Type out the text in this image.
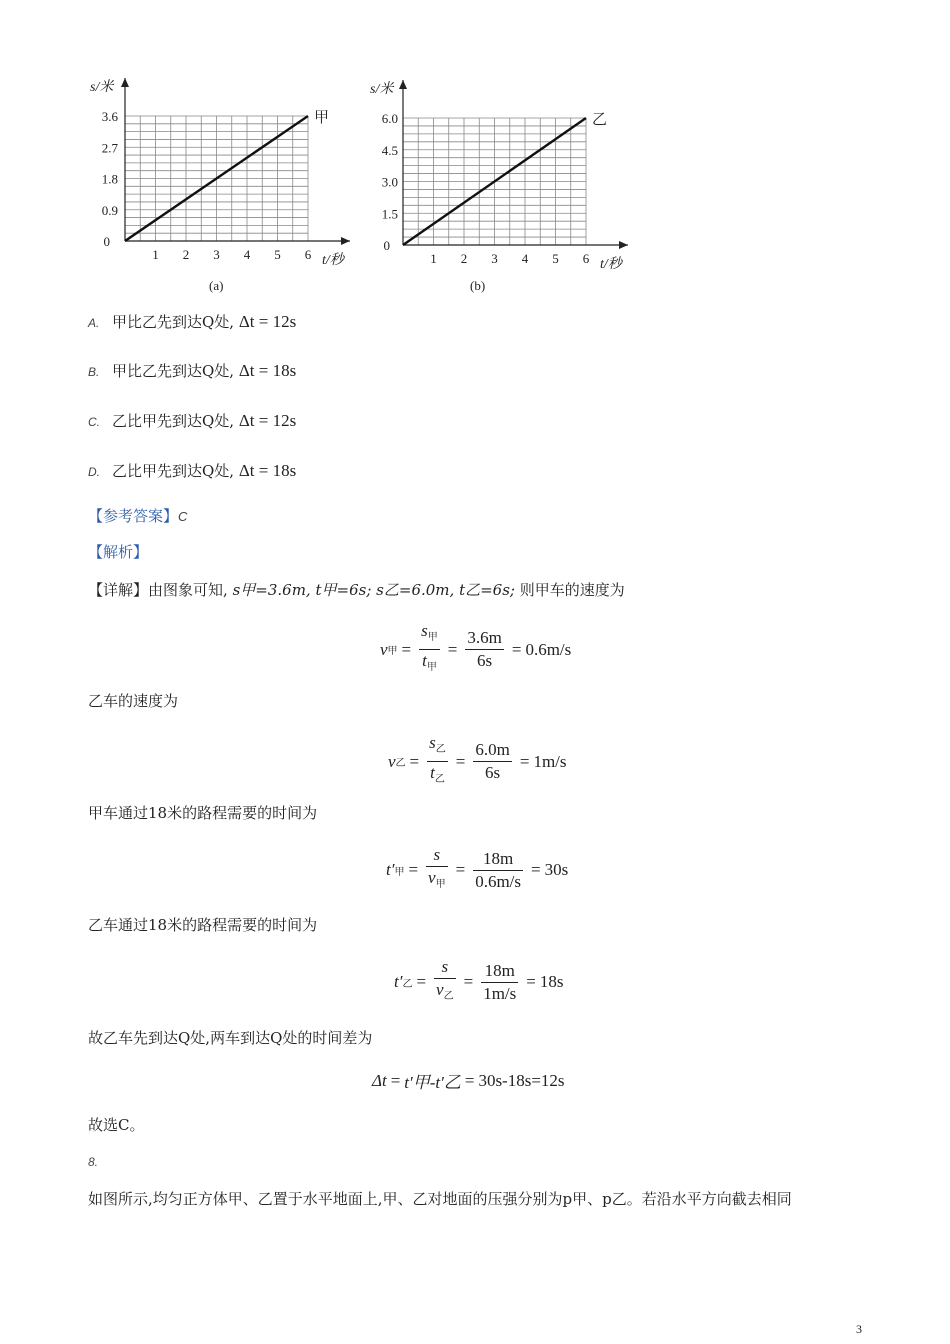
1 2 3 4 5 6
3.6
2.7
1.8
0.9
0
s/米
t/秒
甲
(a)
1 2 3 4 5 6
6.0
4.5
3.0
1.5
0
s/米
t/秒
乙
(b)
A. 甲比乙先到达Q处, Δt = 12s
B. 甲比乙先到达Q处, Δt = 18s
C. 乙比甲先到达Q处, Δt = 12s
D. 乙比甲先到达Q处, Δt = 18s
【参考答案】C
【解析】
【详解】由图象可知, s甲=3.6m, t甲=6s; s乙=6.0m, t乙=6s; 则甲车的速度为
v 甲 = $\frac{s_甲}{t_甲} = \frac{3.6m}{6s} = 0.6m/s$
乙车的速度为
v 乙 = $\frac{s_乙}{t_乙} = \frac{6.0m}{6s} = 1m/s$
甲车通过18米的路程需要的时间为
t′ 甲 = $\frac{s}{v_甲} = \frac{18m}{0.6m/s} = 30s$
乙车通过18米的路程需要的时间为
t′ 乙 = $\frac{s}{v_乙} = \frac{18m}{1m/s} = 18s$
故乙车先到达Q处,两车到达Q处的时间差为
Δt = t′甲-t′乙 = 30s-18s=12s
故选C。
8.
如图所示,均匀正方体甲、乙置于水平地面上,甲、乙对地面的压强分别为p甲、p乙。若沿水平方向截去相同
3
